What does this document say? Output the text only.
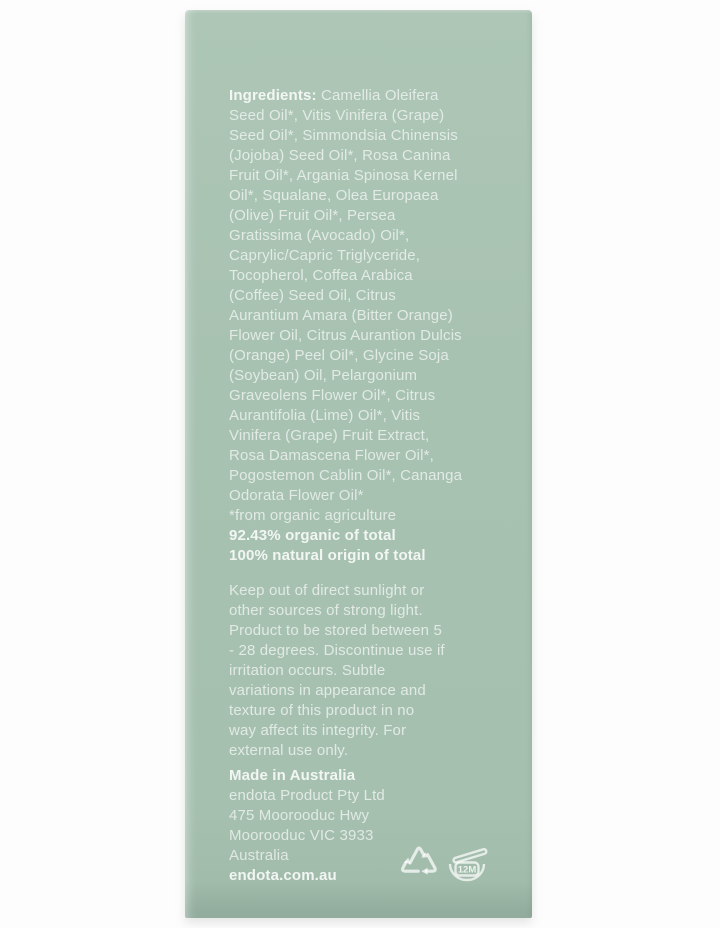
Ingredients: Camellia Oleifera
Seed Oil*, Vitis Vinifera (Grape)
Seed Oil*, Simmondsia Chinensis
(Jojoba) Seed Oil*, Rosa Canina
Fruit Oil*, Argania Spinosa Kernel
Oil*, Squalane, Olea Europaea
(Olive) Fruit Oil*, Persea
Gratissima (Avocado) Oil*,
Caprylic/Capric Triglyceride,
Tocopherol, Coffea Arabica
(Coffee) Seed Oil, Citrus
Aurantium Amara (Bitter Orange)
Flower Oil, Citrus Aurantion Dulcis
(Orange) Peel Oil*, Glycine Soja
(Soybean) Oil, Pelargonium
Graveolens Flower Oil*, Citrus
Aurantifolia (Lime) Oil*, Vitis
Vinifera (Grape) Fruit Extract,
Rosa Damascena Flower Oil*,
Pogostemon Cablin Oil*, Cananga
Odorata Flower Oil*
*from organic agriculture
92.43% organic of total
100% natural origin of total
Keep out of direct sunlight or
other sources of strong light.
Product to be stored between 5
- 28 degrees. Discontinue use if
irritation occurs. Subtle
variations in appearance and
texture of this product in no
way affect its integrity. For
external use only.
Made in Australia
endota Product Pty Ltd
475 Moorooduc Hwy
Moorooduc VIC 3933
Australia
endota.com.au	12M
